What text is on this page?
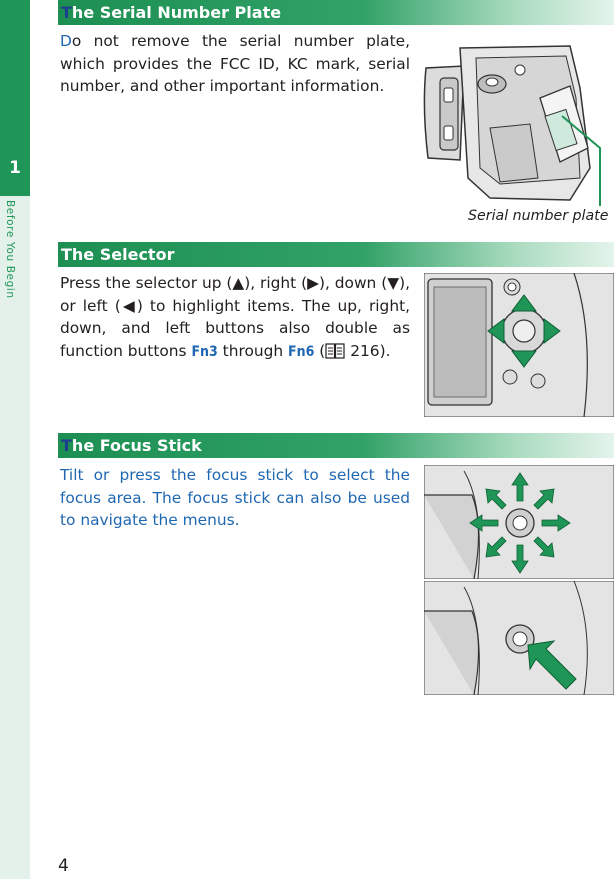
1
Before You Begin
The Serial Number Plate

Do not remove the serial number plate, which provides the FCC ID, KC mark, serial number, and other important information.

Serial number plate
The Selector

Press the selector up (▲), right (▶), down (▼), or left (◀) to highlight items. The up, right, down, and left buttons also double as function buttons Fn3 through Fn6 ( 216).

The Focus Stick

Tilt or press the focus stick to select the focus area. The focus stick can also be used to navigate the menus.

4
